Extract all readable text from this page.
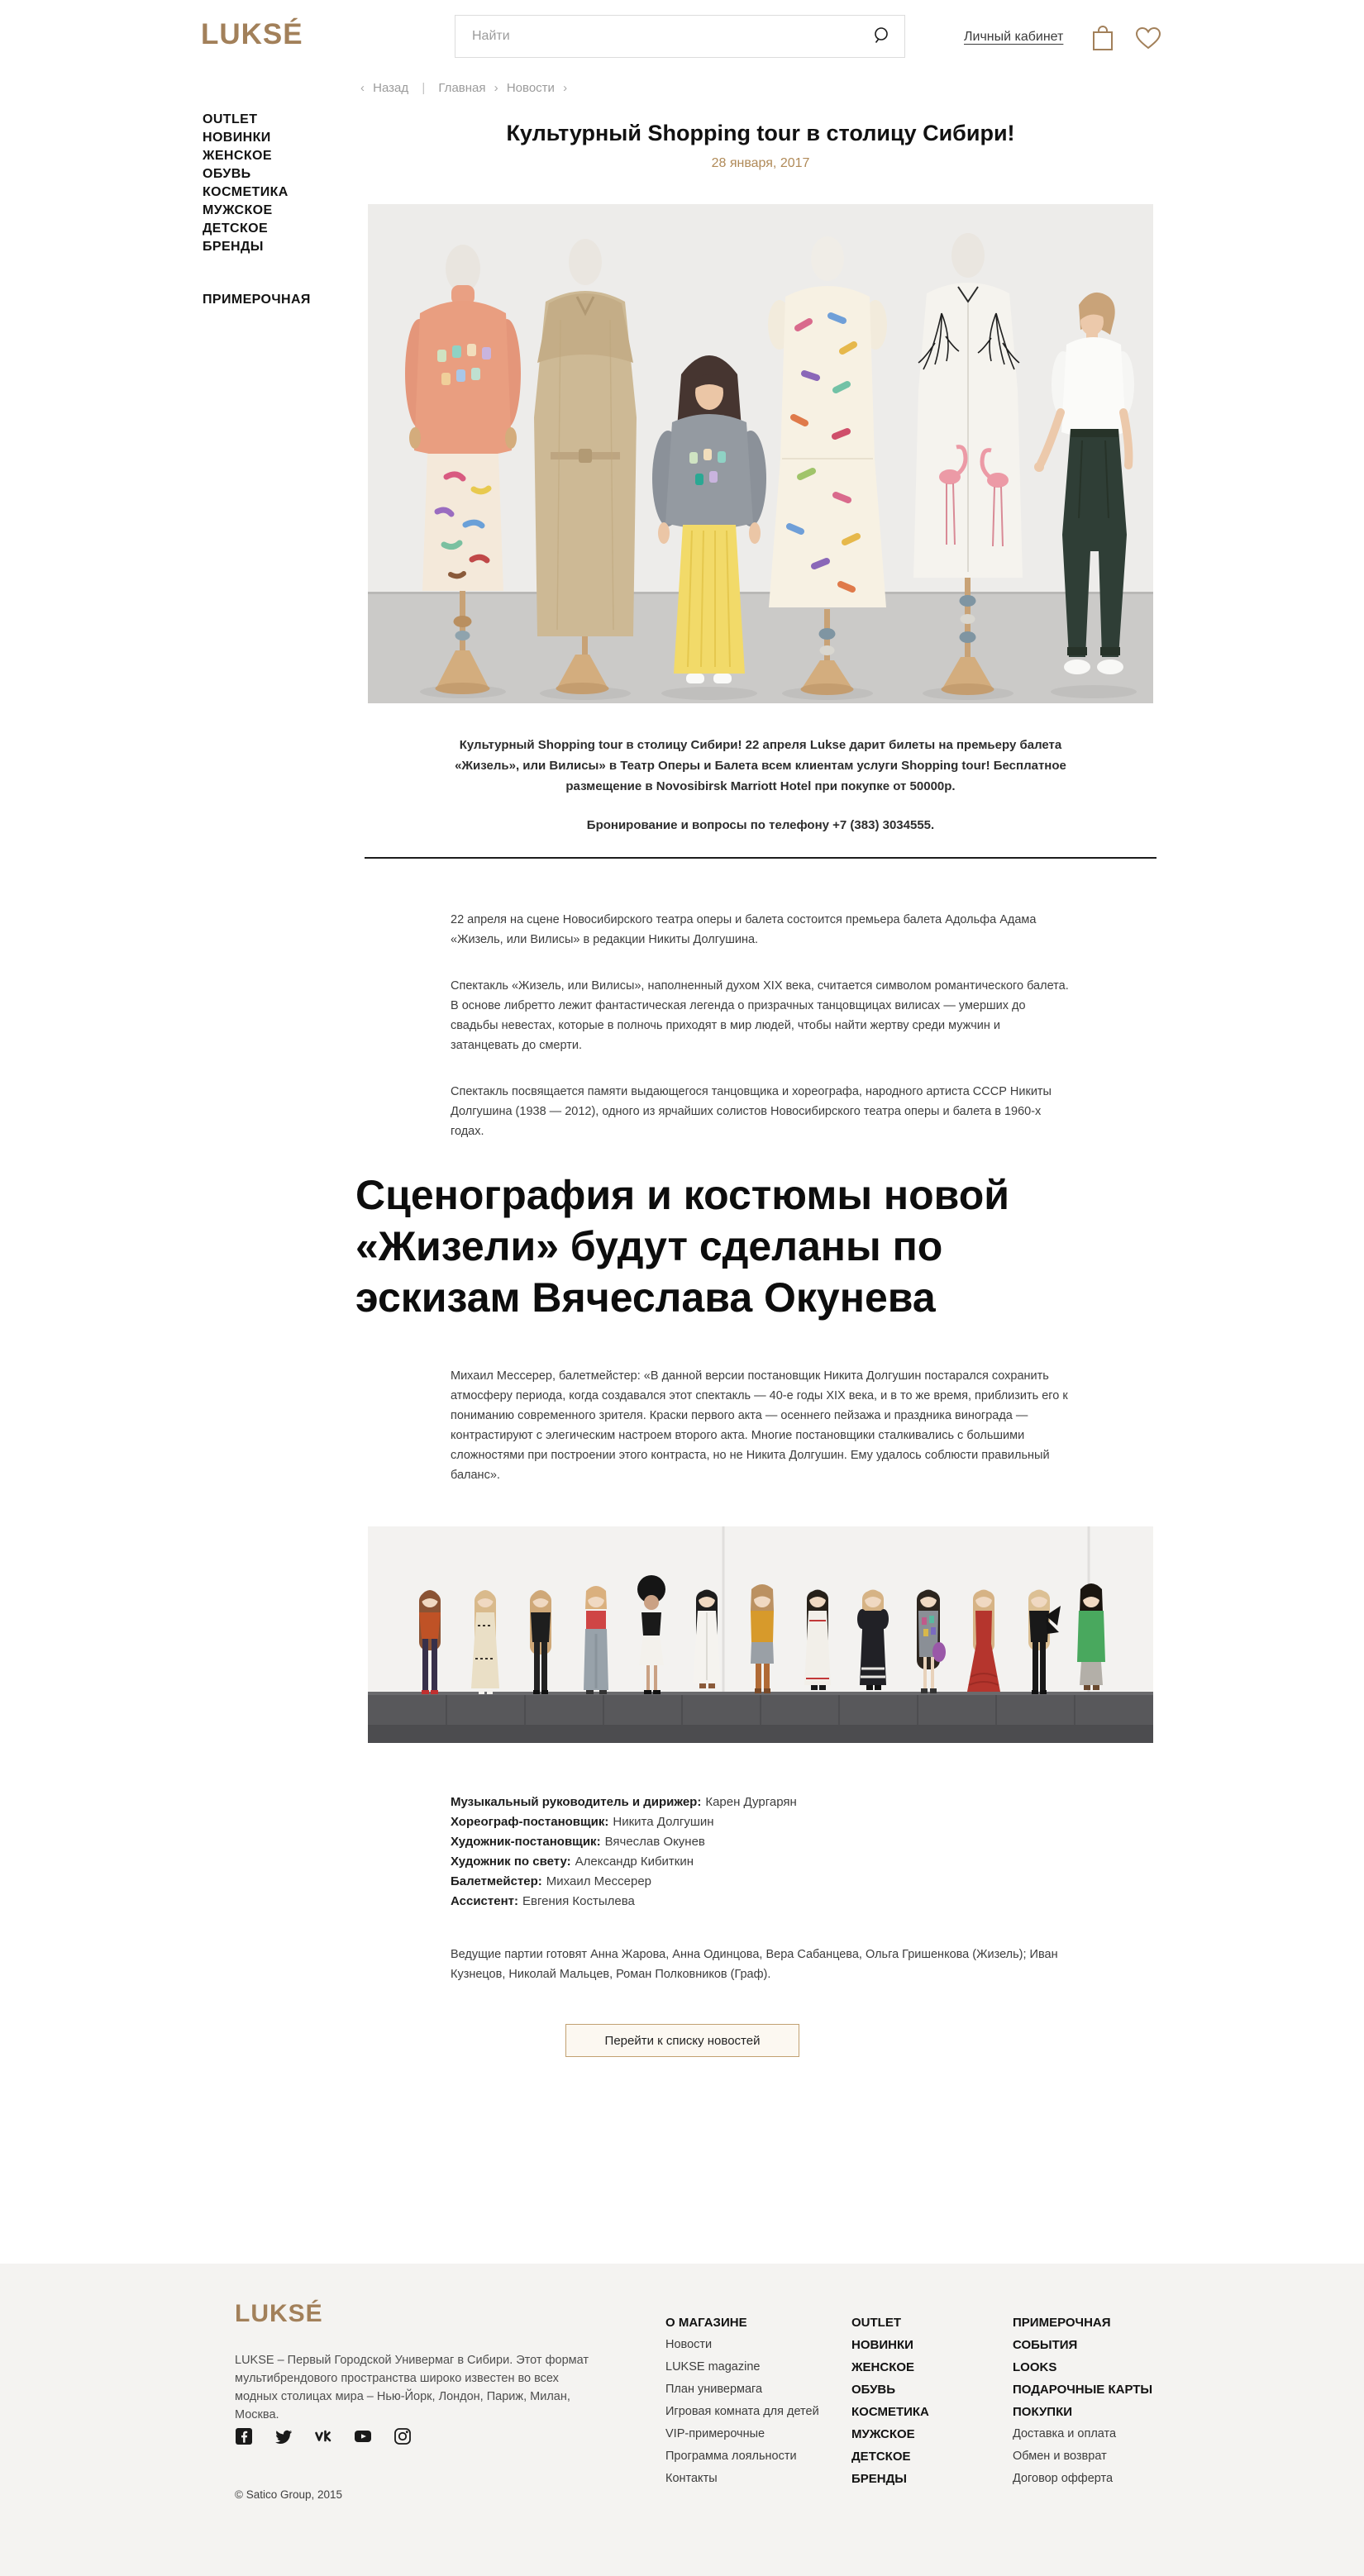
LUKSÉ
Найти	Личный кабинет
OUTLET
НОВИНКИ
ЖЕНСКОЕ
ОБУВЬ
КОСМЕТИКА
МУЖСКОЕ
ДЕТСКОЕ
БРЕНДЫ
ПРИМЕРОЧНАЯ
‹ Назад | Главная › Новости ›
Культурный Shopping tour в столицу Сибири!
28 января, 2017

Культурный Shopping tour в столицу Сибири! 22 апреля Lukse дарит билеты на премьеру балета «Жизель», или Вилисы» в Театр Оперы и Балета всем клиентам услуги Shopping tour! Бесплатное размещение в Novosibirsk Marriott Hotel при покупке от 50000р.

Бронирование и вопросы по телефону +7 (383) 3034555.

22 апреля на сцене Новосибирского театра оперы и балета состоится премьера балета Адольфа Адама «Жизель, или Вилисы» в редакции Никиты Долгушина.

Спектакль «Жизель, или Вилисы», наполненный духом XIX века, считается символом романтического балета. В основе либретто лежит фантастическая легенда о призрачных танцовщицах вилисах — умерших до свадьбы невестах, которые в полночь приходят в мир людей, чтобы найти жертву среди мужчин и затанцевать до смерти.

Спектакль посвящается памяти выдающегося танцовщика и хореографа, народного артиста СССР Никиты Долгушина (1938 — 2012), одного из ярчайших солистов Новосибирского театра оперы и балета в 1960-х годах.

Сценография и костюмы новой «Жизели» будут сделаны по эскизам Вячеслава Окунева

Михаил Мессерер, балетмейстер: «В данной версии постановщик Никита Долгушин постарался сохранить атмосферу периода, когда создавался этот спектакль — 40-е годы XIX века, и в то же время, приблизить его к пониманию современного зрителя. Краски первого акта — осеннего пейзажа и праздника винограда — контрастируют с элегическим настроем второго акта. Многие постановщики сталкивались с большими сложностями при построении этого контраста, но не Никита Долгушин. Ему удалось соблюсти правильный баланс».

Музыкальный руководитель и дирижер: Карен Дургарян

Хореограф-постановщик: Никита Долгушин

Художник-постановщик: Вячеслав Окунев

Художник по свету: Александр Кибиткин

Балетмейстер: Михаил Мессерер

Ассистент: Евгения Костылева

Ведущие партии готовят Анна Жарова, Анна Одинцова, Вера Сабанцева, Ольга Гришенкова (Жизель); Иван Кузнецов, Николай Мальцев, Роман Полковников (Граф).

Перейти к списку новостей
LUKSÉ
LUKSE – Первый Городской Универмаг в Сибири. Этот формат мультибрендового пространства широко известен во всех модных столицах мира – Нью-Йорк, Лондон, Париж, Милан, Москва.
© Satico Group, 2015
О МАГАЗИНЕ
Новости
LUKSE magazine
План универмага
Игровая комната для детей
VIP-примерочные
Программа лояльности
Контакты
OUTLET
НОВИНКИ
ЖЕНСКОЕ
ОБУВЬ
КОСМЕТИКА
МУЖСКОЕ
ДЕТСКОЕ
БРЕНДЫ
ПРИМЕРОЧНАЯ
СОБЫТИЯ
LOOKS
ПОДАРОЧНЫЕ КАРТЫ
ПОКУПКИ
Доставка и оплата
Обмен и возврат
Договор офферта
